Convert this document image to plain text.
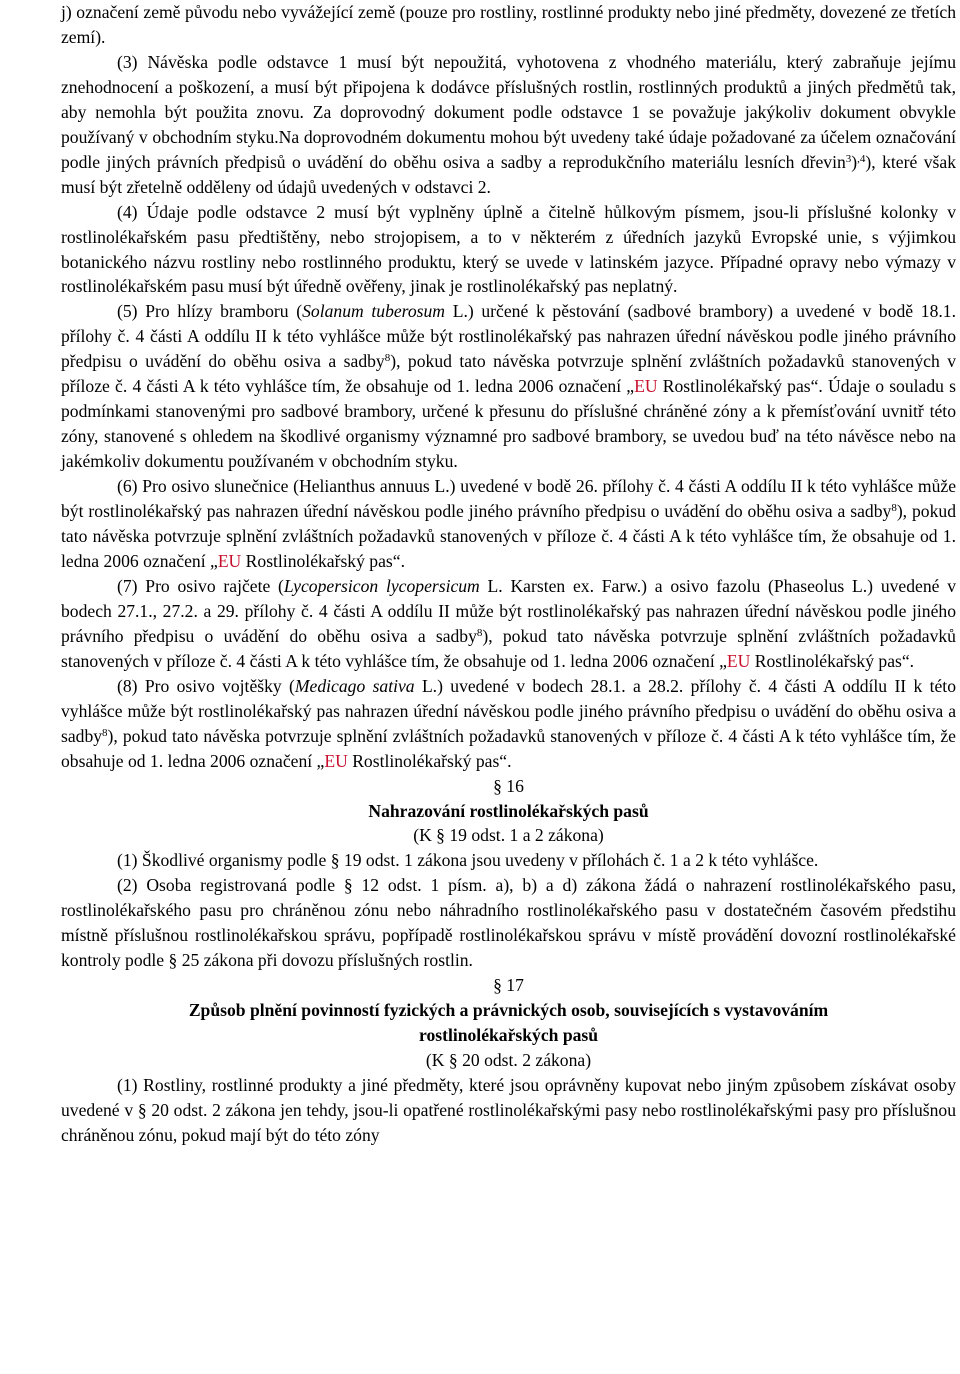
j) označení země původu nebo vyvážející země (pouze pro rostliny, rostlinné produkty nebo jiné předměty, dovezené ze třetích zemí).

(3) Návěska podle odstavce 1 musí být nepoužitá, vyhotovena z vhodného materiálu, který zabraňuje jejímu znehodnocení a poškození, a musí být připojena k dodávce příslušných rostlin, rostlinných produktů a jiných předmětů tak, aby nemohla být použita znovu. Za doprovodný dokument podle odstavce 1 se považuje jakýkoliv dokument obvykle používaný v obchodním styku.Na doprovodném dokumentu mohou být uvedeny také údaje požadované za účelem označování podle jiných právních předpisů o uvádění do oběhu osiva a sadby a reprodukčního materiálu lesních dřevin$^3$)$^{,4}$), které však musí být zřetelně odděleny od údajů uvedených v odstavci 2.

(4) Údaje podle odstavce 2 musí být vyplněny úplně a čitelně hůlkovým písmem, jsou-li příslušné kolonky v rostlinolékařském pasu předtištěny, nebo strojopisem, a to v některém z úředních jazyků Evropské unie, s výjimkou botanického názvu rostliny nebo rostlinného produktu, který se uvede v latinském jazyce. Případné opravy nebo výmazy v rostlinolékařském pasu musí být úředně ověřeny, jinak je rostlinolékařský pas neplatný.

(5) Pro hlízy bramboru (Solanum tuberosum L.) určené k pěstování (sadbové brambory) a uvedené v bodě 18.1. přílohy č. 4 části A oddílu II k této vyhlášce může být rostlinolékařský pas nahrazen úřední návěskou podle jiného právního předpisu o uvádění do oběhu osiva a sadby$^8$), pokud tato návěska potvrzuje splnění zvláštních požadavků stanovených v příloze č. 4 části A k této vyhlášce tím, že obsahuje od 1. ledna 2006 označení „EU Rostlinolékařský pas“. Údaje o souladu s podmínkami stanovenými pro sadbové brambory, určené k přesunu do příslušné chráněné zóny a k přemísťování uvnitř této zóny, stanovené s ohledem na škodlivé organismy významné pro sadbové brambory, se uvedou buď na této návěsce nebo na jakémkoliv dokumentu používaném v obchodním styku.

(6) Pro osivo slunečnice (Helianthus annuus L.) uvedené v bodě 26. přílohy č. 4 části A oddílu II k této vyhlášce může být rostlinolékařský pas nahrazen úřední návěskou podle jiného právního předpisu o uvádění do oběhu osiva a sadby$^8$), pokud tato návěska potvrzuje splnění zvláštních požadavků stanovených v příloze č. 4 části A k této vyhlášce tím, že obsahuje od 1. ledna 2006 označení „EU Rostlinolékařský pas“.

(7) Pro osivo rajčete (Lycopersicon lycopersicum L. Karsten ex. Farw.) a osivo fazolu (Phaseolus L.) uvedené v bodech 27.1., 27.2. a 29. přílohy č. 4 části A oddílu II může být rostlinolékařský pas nahrazen úřední návěskou podle jiného právního předpisu o uvádění do oběhu osiva a sadby$^8$), pokud tato návěska potvrzuje splnění zvláštních požadavků stanovených v příloze č. 4 části A k této vyhlášce tím, že obsahuje od 1. ledna 2006 označení „EU Rostlinolékařský pas“.

(8) Pro osivo vojtěšky (Medicago sativa L.) uvedené v bodech 28.1. a 28.2. přílohy č. 4 části A oddílu II k této vyhlášce může být rostlinolékařský pas nahrazen úřední návěskou podle jiného právního předpisu o uvádění do oběhu osiva a sadby$^8$), pokud tato návěska potvrzuje splnění zvláštních požadavků stanovených v příloze č. 4 části A k této vyhlášce tím, že obsahuje od 1. ledna 2006 označení „EU Rostlinolékařský pas“.

§ 16

Nahrazování rostlinolékařských pasů

(K § 19 odst. 1 a 2 zákona)

(1) Škodlivé organismy podle § 19 odst. 1 zákona jsou uvedeny v přílohách č. 1 a 2 k této vyhlášce.

(2) Osoba registrovaná podle § 12 odst. 1 písm. a), b) a d) zákona žádá o nahrazení rostlinolékařského pasu, rostlinolékařského pasu pro chráněnou zónu nebo náhradního rostlinolékařského pasu v dostatečném časovém předstihu místně příslušnou rostlinolékařskou správu, popřípadě rostlinolékařskou správu v místě provádění dovozní rostlinolékařské kontroly podle § 25 zákona při dovozu příslušných rostlin.

§ 17

Způsob plnění povinností fyzických a právnických osob, souvisejících s vystavováním

rostlinolékařských pasů

(K § 20 odst. 2 zákona)

(1) Rostliny, rostlinné produkty a jiné předměty, které jsou oprávněny kupovat nebo jiným způsobem získávat osoby uvedené v § 20 odst. 2 zákona jen tehdy, jsou-li opatřené rostlinolékařskými pasy nebo rostlinolékařskými pasy pro příslušnou chráněnou zónu, pokud mají být do této zóny
